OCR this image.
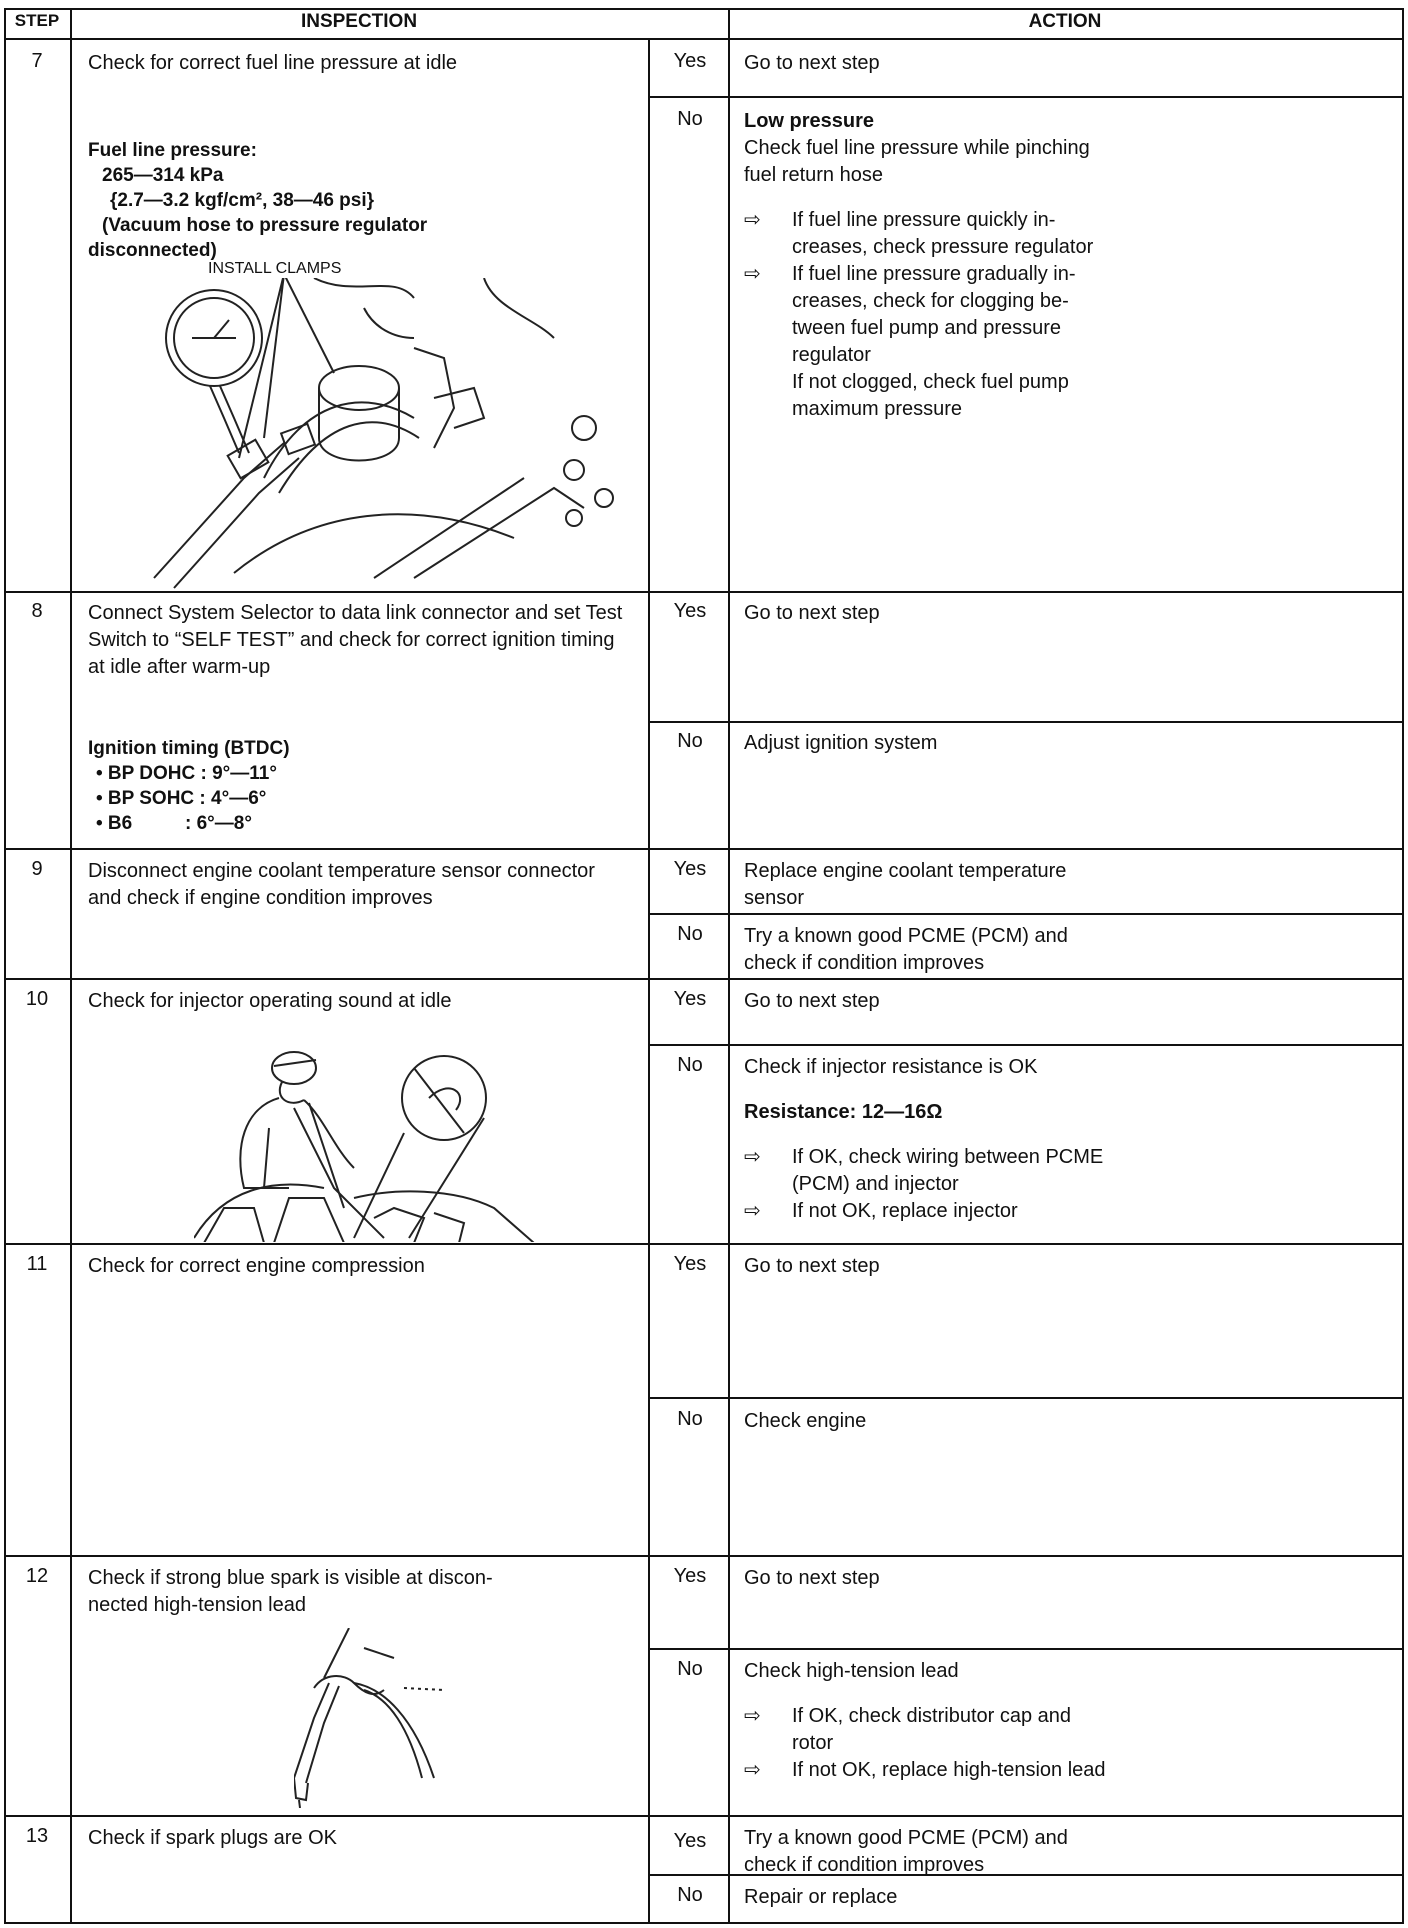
STEP	INSPECTION	ACTION
7	Check for correct fuel line pressure at idle
Fuel line pressure:
265—314 kPa
{2.7—3.2 kgf/cm², 38—46 psi}
(Vacuum hose to pressure regulator
disconnected)
INSTALL CLAMPS
Yes	Go to next step
No	Low pressure
Check fuel line pressure while pinching
fuel return hose
⇨ If fuel line pressure quickly in-
creases, check pressure regulator
⇨ If fuel line pressure gradually in-
creases, check for clogging be-
tween fuel pump and pressure
regulator
If not clogged, check fuel pump
maximum pressure
8	Connect System Selector to data link connector and set Test Switch to “SELF TEST” and check for correct ignition timing at idle after warm-up
Ignition timing (BTDC)
• BP DOHC : 9°—11°
• BP SOHC : 4°—6°
• B6          : 6°—8°
Yes	Go to next step
No	Adjust ignition system
9	Disconnect engine coolant temperature sensor connector and check if engine condition improves
Yes	Replace engine coolant temperature
sensor
No	Try a known good PCME (PCM) and
check if condition improves
10	Check for injector operating sound at idle	Yes	Go to next step
No	Check if injector resistance is OK
Resistance: 12—16Ω
⇨ If OK, check wiring between PCME
(PCM) and injector
⇨ If not OK, replace injector
11	Check for correct engine compression	Yes	Go to next step
No	Check engine
12	Check if strong blue spark is visible at discon-
nected high-tension lead
Yes	Go to next step
No	Check high-tension lead
⇨ If OK, check distributor cap and
rotor
⇨ If not OK, replace high-tension lead
13	Check if spark plugs are OK	Yes	Try a known good PCME (PCM) and
check if condition improves
No	Repair or replace
